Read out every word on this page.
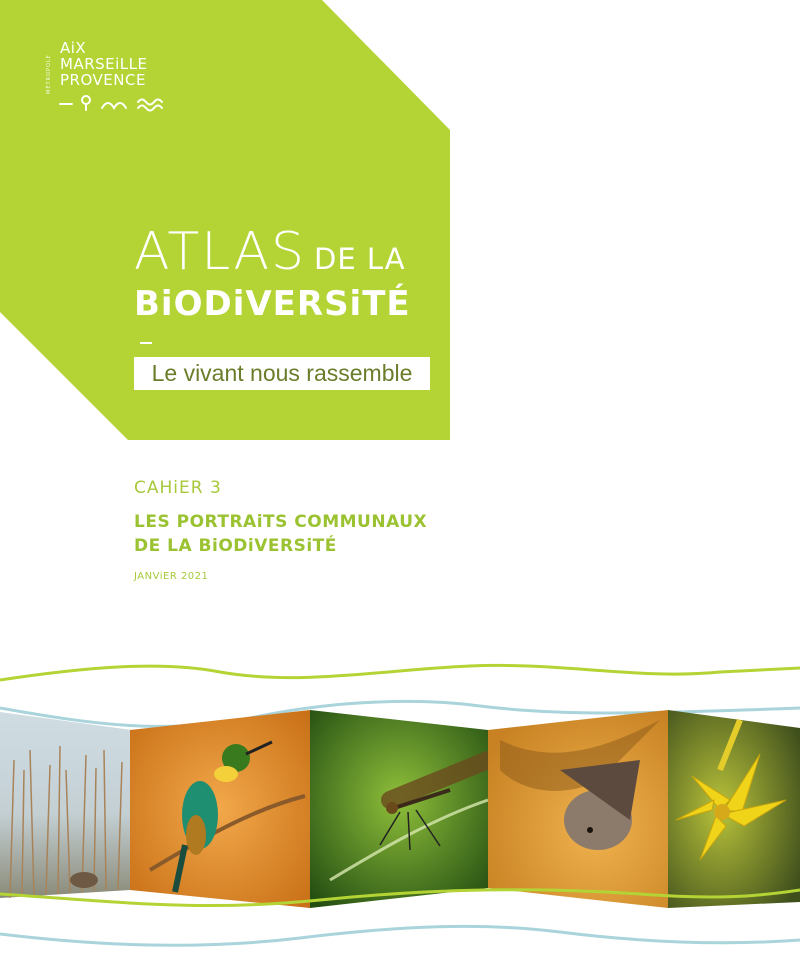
MÉTROPOLE
AiX
MARSEiLLE
PROVENCE
ATLAS DE LA
BiODiVERSiTÉ
Le vivant nous rassemble
CAHiER 3
LES PORTRAiTS COMMUNAUX
DE LA BiODiVERSiTÉ
JANViER 2021
